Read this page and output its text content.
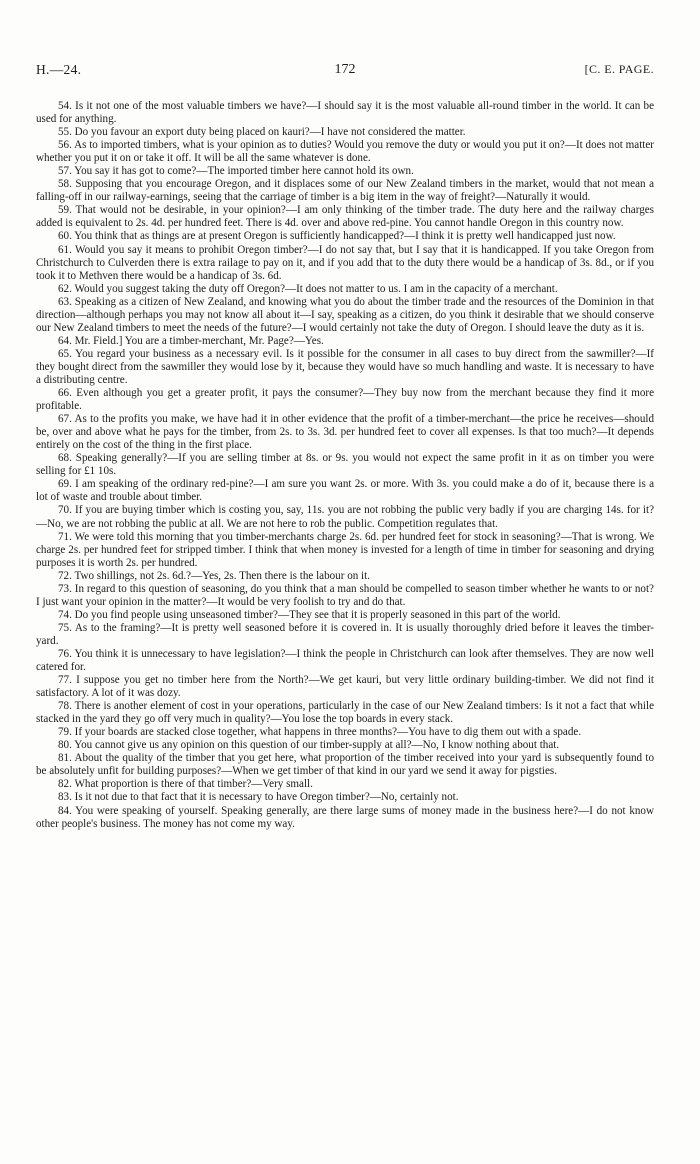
H.—24.	172	[C. E. PAGE.

54. Is it not one of the most valuable timbers we have?—I should say it is the most valuable all-round timber in the world. It can be used for anything.

55. Do you favour an export duty being placed on kauri?—I have not considered the matter.

56. As to imported timbers, what is your opinion as to duties? Would you remove the duty or would you put it on?—It does not matter whether you put it on or take it off. It will be all the same whatever is done.

57. You say it has got to come?—The imported timber here cannot hold its own.

58. Supposing that you encourage Oregon, and it displaces some of our New Zealand timbers in the market, would that not mean a falling-off in our railway-earnings, seeing that the carriage of timber is a big item in the way of freight?—Naturally it would.

59. That would not be desirable, in your opinion?—I am only thinking of the timber trade. The duty here and the railway charges added is equivalent to 2s. 4d. per hundred feet. There is 4d. over and above red-pine. You cannot handle Oregon in this country now.

60. You think that as things are at present Oregon is sufficiently handicapped?—I think it is pretty well handicapped just now.

61. Would you say it means to prohibit Oregon timber?—I do not say that, but I say that it is handicapped. If you take Oregon from Christchurch to Culverden there is extra railage to pay on it, and if you add that to the duty there would be a handicap of 3s. 8d., or if you took it to Methven there would be a handicap of 3s. 6d.

62. Would you suggest taking the duty off Oregon?—It does not matter to us. I am in the capacity of a merchant.

63. Speaking as a citizen of New Zealand, and knowing what you do about the timber trade and the resources of the Dominion in that direction—although perhaps you may not know all about it—I say, speaking as a citizen, do you think it desirable that we should conserve our New Zealand timbers to meet the needs of the future?—I would certainly not take the duty of Oregon. I should leave the duty as it is.

64. Mr. Field.] You are a timber-merchant, Mr. Page?—Yes.

65. You regard your business as a necessary evil. Is it possible for the consumer in all cases to buy direct from the sawmiller?—If they bought direct from the sawmiller they would lose by it, because they would have so much handling and waste. It is necessary to have a distributing centre.

66. Even although you get a greater profit, it pays the consumer?—They buy now from the merchant because they find it more profitable.

67. As to the profits you make, we have had it in other evidence that the profit of a timber-merchant—the price he receives—should be, over and above what he pays for the timber, from 2s. to 3s. 3d. per hundred feet to cover all expenses. Is that too much?—It depends entirely on the cost of the thing in the first place.

68. Speaking generally?—If you are selling timber at 8s. or 9s. you would not expect the same profit in it as on timber you were selling for £1 10s.

69. I am speaking of the ordinary red-pine?—I am sure you want 2s. or more. With 3s. you could make a do of it, because there is a lot of waste and trouble about timber.

70. If you are buying timber which is costing you, say, 11s. you are not robbing the public very badly if you are charging 14s. for it?—No, we are not robbing the public at all. We are not here to rob the public. Competition regulates that.

71. We were told this morning that you timber-merchants charge 2s. 6d. per hundred feet for stock in seasoning?—That is wrong. We charge 2s. per hundred feet for stripped timber. I think that when money is invested for a length of time in timber for seasoning and drying purposes it is worth 2s. per hundred.

72. Two shillings, not 2s. 6d.?—Yes, 2s. Then there is the labour on it.

73. In regard to this question of seasoning, do you think that a man should be compelled to season timber whether he wants to or not? I just want your opinion in the matter?—It would be very foolish to try and do that.

74. Do you find people using unseasoned timber?—They see that it is properly seasoned in this part of the world.

75. As to the framing?—It is pretty well seasoned before it is covered in. It is usually thoroughly dried before it leaves the timber-yard.

76. You think it is unnecessary to have legislation?—I think the people in Christchurch can look after themselves. They are now well catered for.

77. I suppose you get no timber here from the North?—We get kauri, but very little ordinary building-timber. We did not find it satisfactory. A lot of it was dozy.

78. There is another element of cost in your operations, particularly in the case of our New Zealand timbers: Is it not a fact that while stacked in the yard they go off very much in quality?—You lose the top boards in every stack.

79. If your boards are stacked close together, what happens in three months?—You have to dig them out with a spade.

80. You cannot give us any opinion on this question of our timber-supply at all?—No, I know nothing about that.

81. About the quality of the timber that you get here, what proportion of the timber received into your yard is subsequently found to be absolutely unfit for building purposes?—When we get timber of that kind in our yard we send it away for pigsties.

82. What proportion is there of that timber?—Very small.

83. Is it not due to that fact that it is necessary to have Oregon timber?—No, certainly not.

84. You were speaking of yourself. Speaking generally, are there large sums of money made in the business here?—I do not know other people's business. The money has not come my way.
